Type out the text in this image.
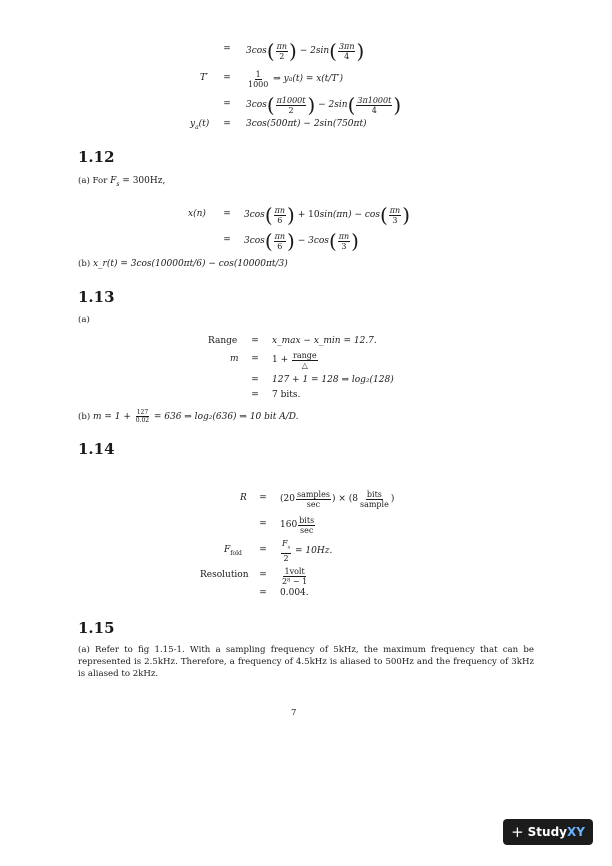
=	3cos ( $\frac{\pi n}{2}$ ) − 2sin ( $\frac{3\pi n}{4}$ )
T′	=	$\frac{1}{1000}$
⇒ y a (t) = x(t/T′)
=	3cos ( $\frac{\pi 1000t}{2}$ ) − 2sin ( $\frac{3\pi 1000t}{4}$ )
$y_a(t)$	=	3cos(500πt) − 2sin(750πt)
1.12
(a) For $F_s = 300Hz$,
x(n)	=	3cos ( $\frac{\pi n}{6}$ ) + 10 sin(πn) − cos ( $\frac{\pi n}{3}$ )
=	3cos ( $\frac{\pi n}{6}$ ) − 3cos ( $\frac{\pi n}{3}$ )
(b) x_r(t) = 3cos(10000πt/6) − cos(10000πt/3)
1.13
(a)
Range	=	x_max − x_min = 12.7.
m	=	$1 + \frac{\text{range}}{\triangle}$
=	127 + 1 = 128 ⇒ log₂(128)
=	7 bits.
(b)
$m = 1 + \frac{127}{0.02}$
= 636 ⇒ log₂(636) ⇒ 10 bit A/D.
1.14
R	=	($20 \frac{\text{samples}}{\sec}$ ) × ($8 \frac{\text{bits}}{\text{sample}}$ )
=	$160 \frac{\text{bits}}{\sec}$
$F_{fold}$	=	$\frac{F_s}{2}$
= 10Hz.
Resolution	=	$\frac{\text{1volt}}{\text{2⁸ − 1}}$
=	0.004.
1.15
(a) Refer to fig 1.15-1. With a sampling frequency of 5kHz, the maximum frequency that can be represented is 2.5kHz. Therefore, a frequency of 4.5kHz is aliased to 500Hz and the frequency of 3kHz is aliased to 2kHz.
7
+ Study XY
